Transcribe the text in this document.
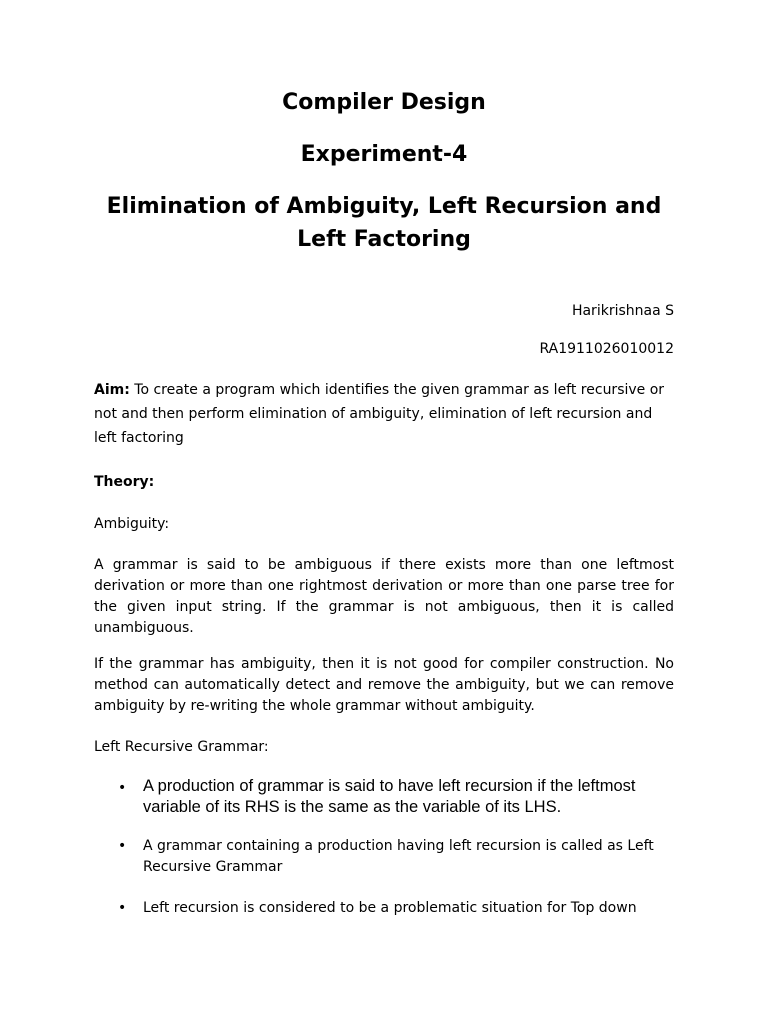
Compiler Design
Experiment-4
Elimination of Ambiguity, Left Recursion and Left Factoring
Harikrishnaa S
RA1911026010012

Aim: To create a program which identifies the given grammar as left recursive or not and then perform elimination of ambiguity, elimination of left recursion and left factoring

Theory:
Ambiguity:

A grammar is said to be ambiguous if there exists more than one leftmost derivation or more than one rightmost derivation or more than one parse tree for the given input string. If the grammar is not ambiguous, then it is called unambiguous.

If the grammar has ambiguity, then it is not good for compiler construction. No method can automatically detect and remove the ambiguity, but we can remove ambiguity by re-writing the whole grammar without ambiguity.

Left Recursive Grammar:
• A production of grammar is said to have left recursion if the leftmost variable of its RHS is the same as the variable of its LHS.
• A grammar containing a production having left recursion is called as Left Recursive Grammar
• Left recursion is considered to be a problematic situation for Top down
